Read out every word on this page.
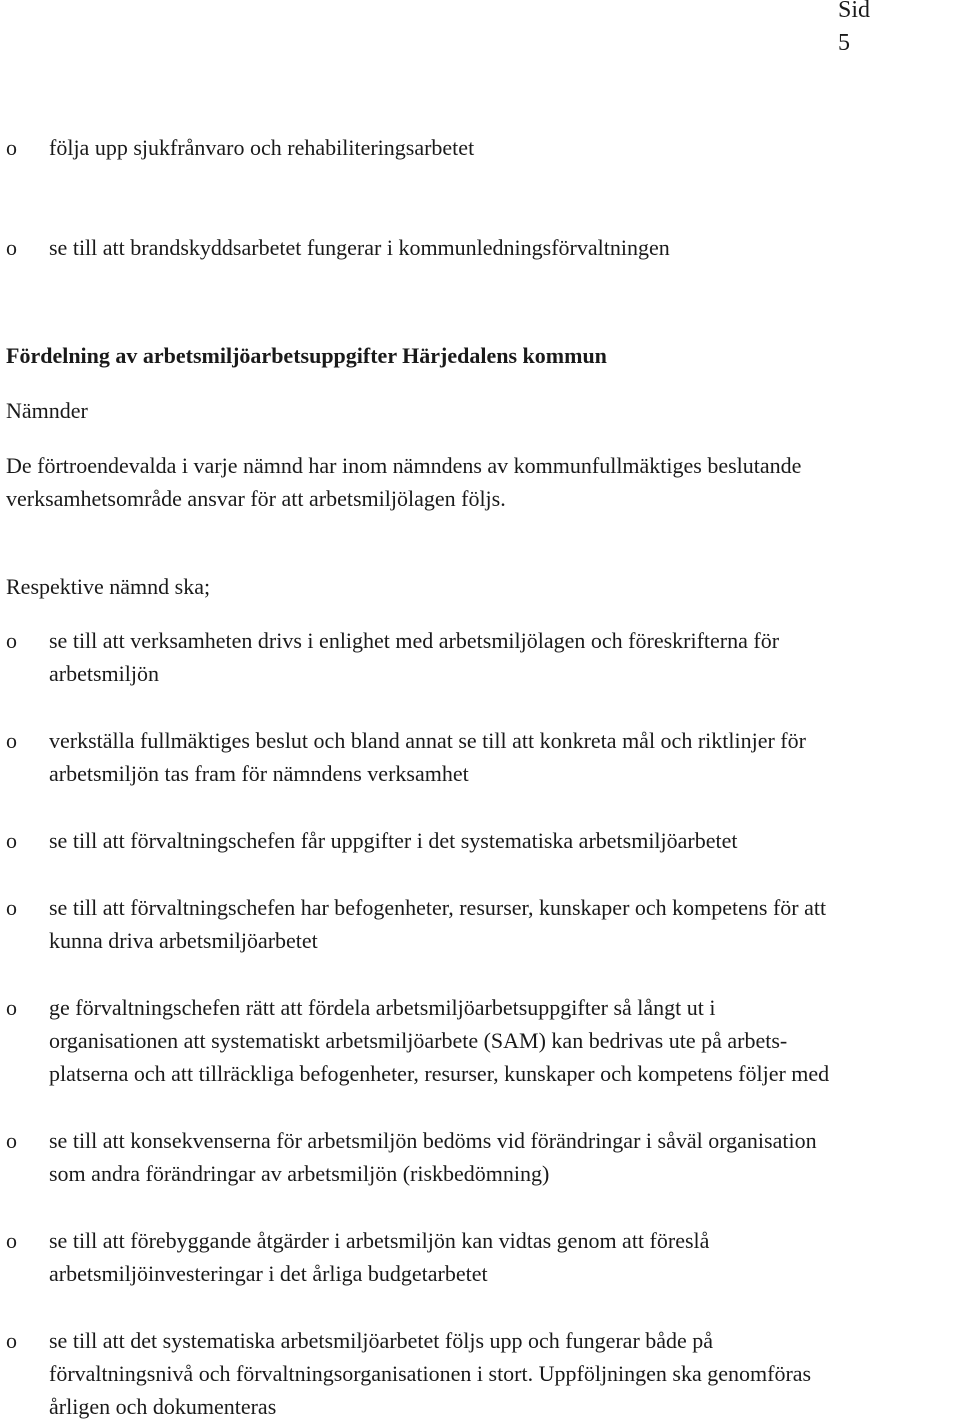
Sid
5
o	följa upp sjukfrånvaro och rehabiliteringsarbetet
o	se till att brandskyddsarbetet fungerar i kommunledningsförvaltningen
Fördelning av arbetsmiljöarbetsuppgifter Härjedalens kommun
Nämnder
De förtroendevalda i varje nämnd har inom nämndens av kommunfullmäktiges beslutande
verksamhetsområde ansvar för att arbetsmiljölagen följs.
Respektive nämnd ska;
o	se till att verksamheten drivs i enlighet med arbetsmiljölagen och föreskrifterna för
arbetsmiljön
o	verkställa fullmäktiges beslut och bland annat se till att konkreta mål och riktlinjer för
arbetsmiljön tas fram för nämndens verksamhet
o	se till att förvaltningschefen får uppgifter i det systematiska arbetsmiljöarbetet
o	se till att förvaltningschefen har befogenheter, resurser, kunskaper och kompetens för att
kunna driva arbetsmiljöarbetet
o	ge förvaltningschefen rätt att fördela arbetsmiljöarbetsuppgifter så långt ut i
organisationen att systematiskt arbetsmiljöarbete (SAM) kan bedrivas ute på arbets-
platserna och att tillräckliga befogenheter, resurser, kunskaper och kompetens följer med
o	se till att konsekvenserna för arbetsmiljön bedöms vid förändringar i såväl organisation
som andra förändringar av arbetsmiljön (riskbedömning)
o	se till att förebyggande åtgärder i arbetsmiljön kan vidtas genom att föreslå
arbetsmiljöinvesteringar i det årliga budgetarbetet
o	se till att det systematiska arbetsmiljöarbetet följs upp och fungerar både på
förvaltningsnivå och förvaltningsorganisationen i stort. Uppföljningen ska genomföras
årligen och dokumenteras
